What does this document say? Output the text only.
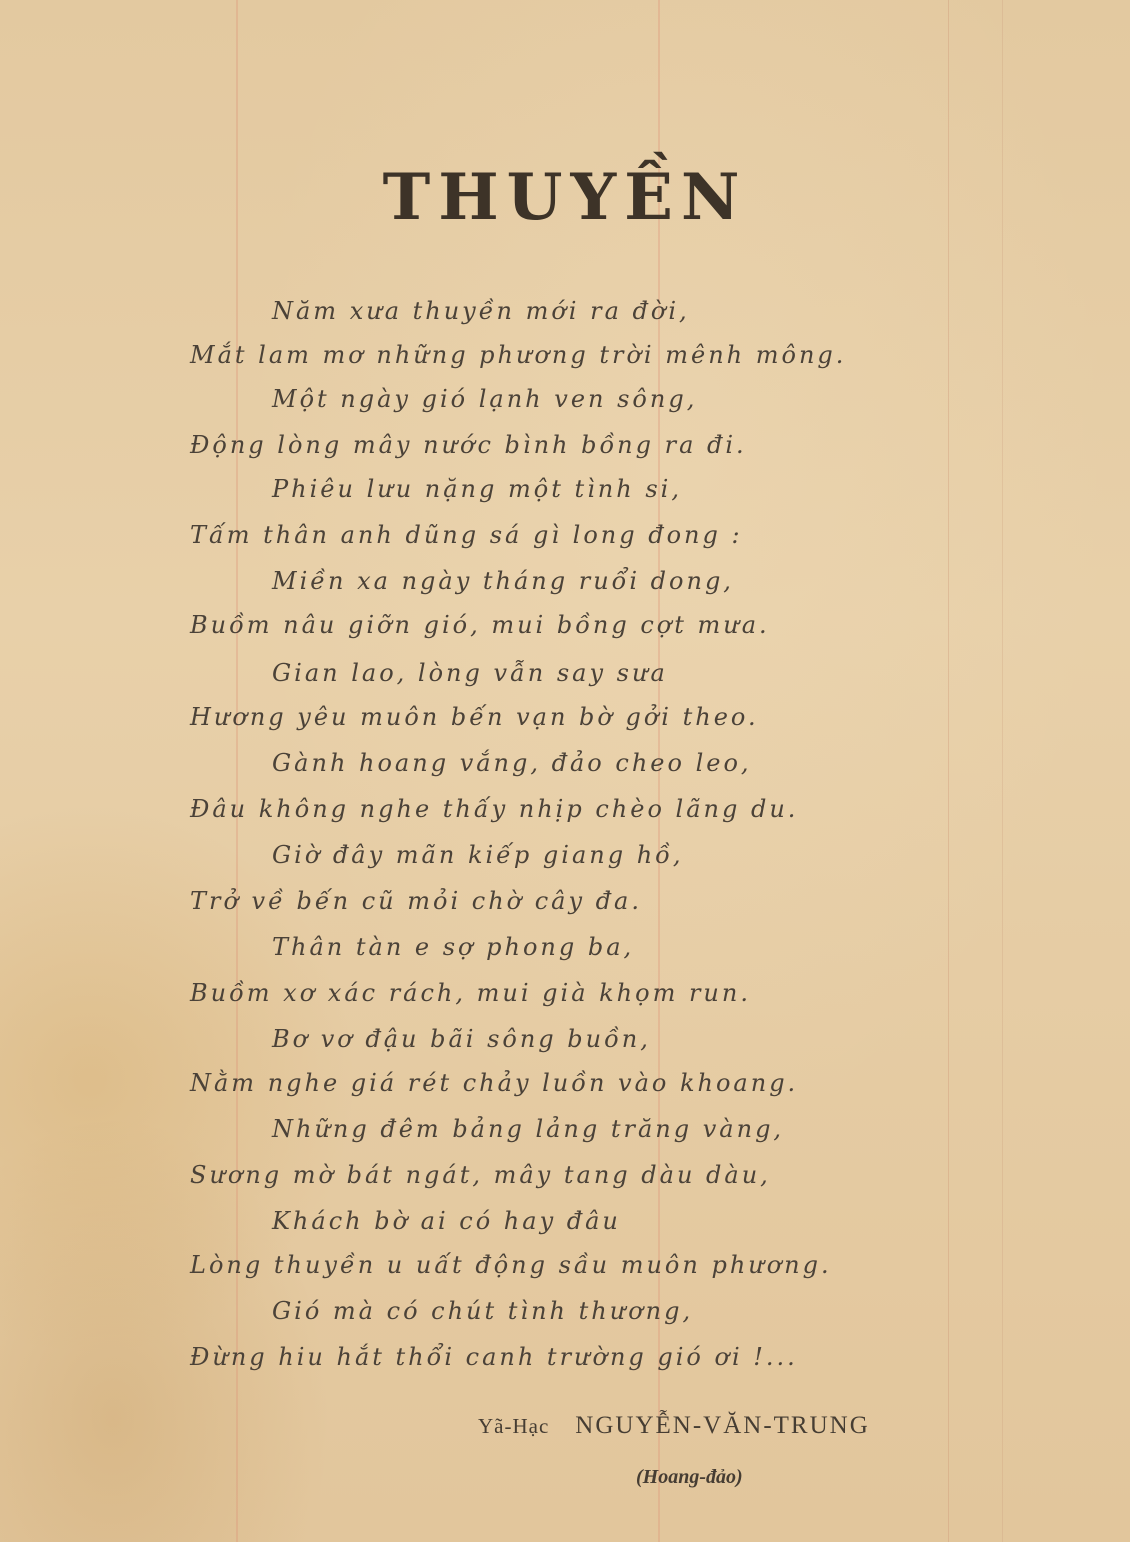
THUYỀN
Năm xưa thuyền mới ra đời,
Mắt lam mơ những phương trời mênh mông.
Một ngày gió lạnh ven sông,
Động lòng mây nước bình bồng ra đi.
Phiêu lưu nặng một tình si,
Tấm thân anh dũng sá gì long đong :
Miền xa ngày tháng ruổi dong,
Buồm nâu giỡn gió, mui bồng cợt mưa.
Gian lao, lòng vẫn say sưa
Hương yêu muôn bến vạn bờ gởi theo.
Gành hoang vắng, đảo cheo leo,
Đâu không nghe thấy nhịp chèo lãng du.
Giờ đây mãn kiếp giang hồ,
Trở về bến cũ mỏi chờ cây đa.
Thân tàn e sợ phong ba,
Buồm xơ xác rách, mui già khọm run.
Bơ vơ đậu bãi sông buồn,
Nằm nghe giá rét chảy luồn vào khoang.
Những đêm bảng lảng trăng vàng,
Sương mờ bát ngát, mây tang dàu dàu,
Khách bờ ai có hay đâu
Lòng thuyền u uất động sầu muôn phương.
Gió mà có chút tình thương,
Đừng hiu hắt thổi canh trường gió ơi !...
Yã-Hạc NGUYỄN-VĂN-TRUNG
(Hoang-đảo)
